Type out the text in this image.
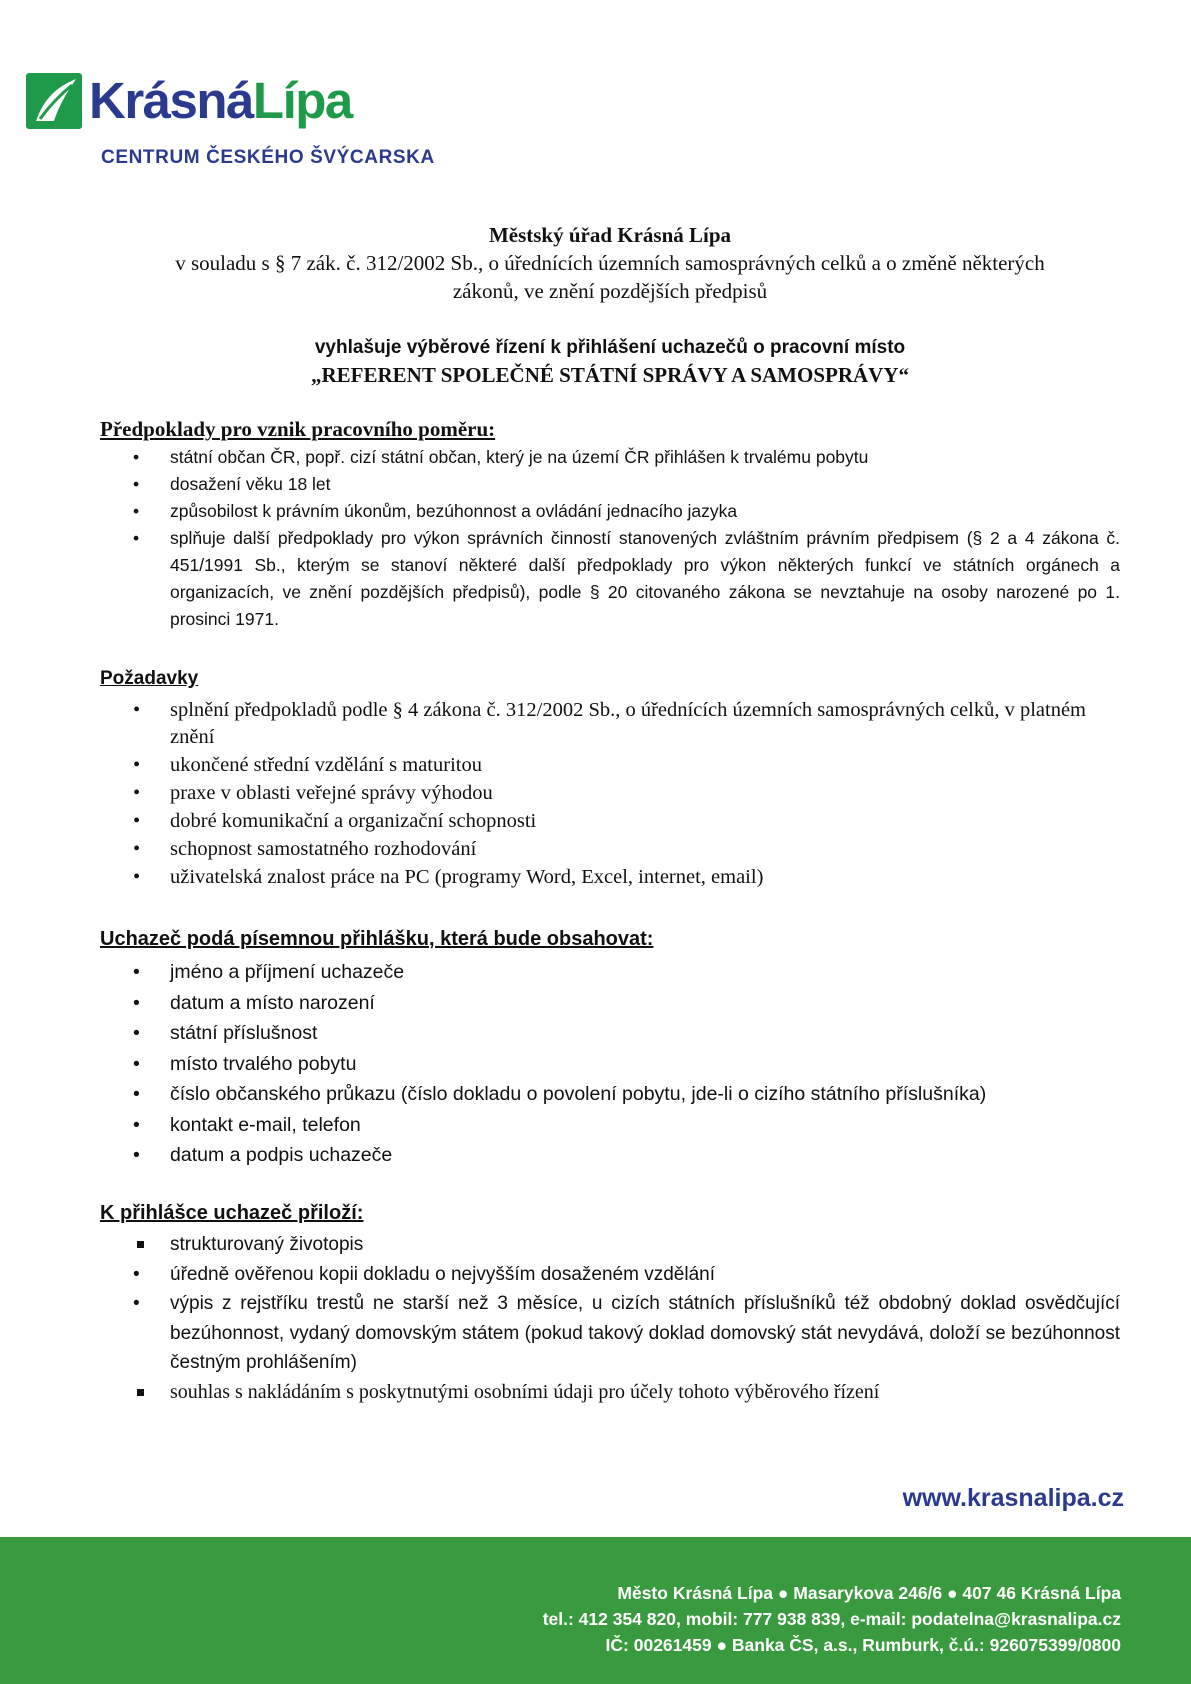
KrásnáLípa
CENTRUM ČESKÉHO ŠVÝCARSKA
Městský úřad Krásná Lípa
v souladu s § 7 zák. č. 312/2002 Sb., o úřednících územních samosprávných celků a o změně některých
zákonů, ve znění pozdějších předpisů
vyhlašuje výběrové řízení k přihlášení uchazečů o pracovní místo
„REFERENT SPOLEČNÉ STÁTNÍ SPRÁVY A SAMOSPRÁVY“
Předpoklady pro vznik pracovního poměru:
• státní občan ČR, popř. cizí státní občan, který je na území ČR přihlášen k trvalému pobytu
• dosažení věku 18 let
• způsobilost k právním úkonům, bezúhonnost a ovládání jednacího jazyka
• splňuje další předpoklady pro výkon správních činností stanovených zvláštním právním předpisem (§ 2 a 4 zákona č. 451/1991 Sb., kterým se stanoví některé další předpoklady pro výkon některých funkcí ve státních orgánech a organizacích, ve znění pozdějších předpisů), podle § 20 citovaného zákona se nevztahuje na osoby narozené po 1. prosinci 1971.
Požadavky
• splnění předpokladů podle § 4 zákona č. 312/2002 Sb., o úřednících územních samosprávných celků, v platném znění
• ukončené střední vzdělání s maturitou
• praxe v oblasti veřejné správy výhodou
• dobré komunikační a organizační schopnosti
• schopnost samostatného rozhodování
• uživatelská znalost práce na PC (programy Word, Excel, internet, email)
Uchazeč podá písemnou přihlášku, která bude obsahovat:
• jméno a příjmení uchazeče
• datum a místo narození
• státní příslušnost
• místo trvalého pobytu
• číslo občanského průkazu (číslo dokladu o povolení pobytu, jde-li o cizího státního příslušníka)
• kontakt e-mail, telefon
• datum a podpis uchazeče
K přihlášce uchazeč přiloží:
strukturovaný životopis
• úředně ověřenou kopii dokladu o nejvyšším dosaženém vzdělání
• výpis z rejstříku trestů ne starší než 3 měsíce, u cizích státních příslušníků též obdobný doklad osvědčující bezúhonnost, vydaný domovským státem (pokud takový doklad domovský stát nevydává, doloží se bezúhonnost čestným prohlášením)
souhlas s nakládáním s poskytnutými osobními údaji pro účely tohoto výběrového řízení
www.krasnalipa.cz
Město Krásná Lípa ● Masarykova 246/6 ● 407 46 Krásná Lípa
tel.: 412 354 820, mobil: 777 938 839, e-mail: podatelna@krasnalipa.cz
IČ: 00261459 ● Banka ČS, a.s., Rumburk, č.ú.: 926075399/0800
